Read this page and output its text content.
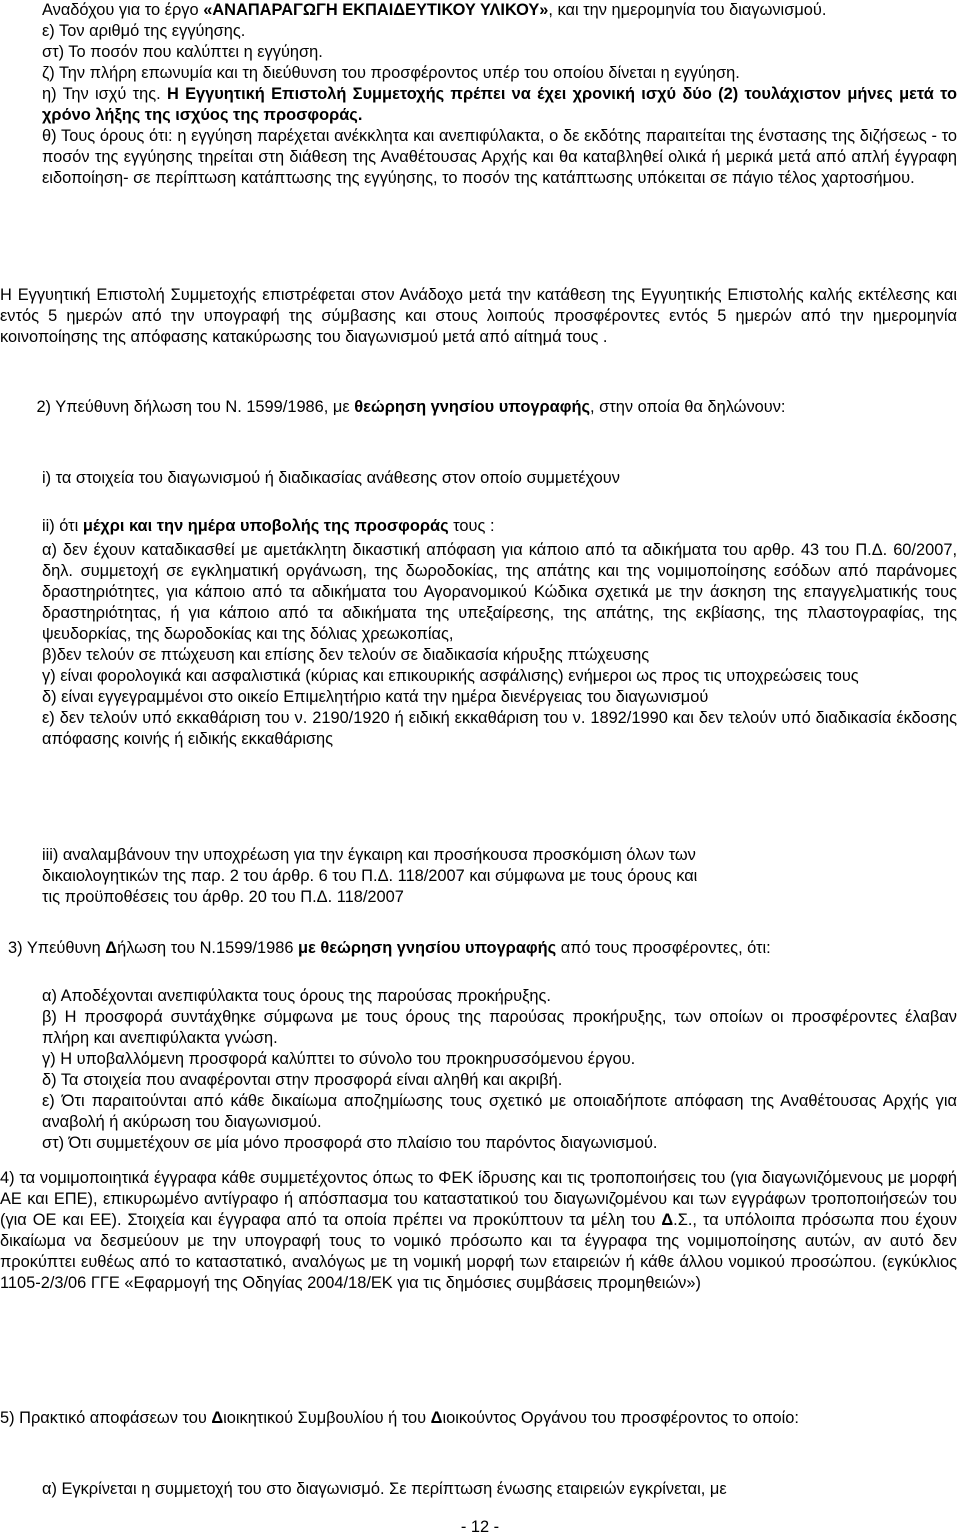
Αναδόχου για το έργο «ΑΝΑΠΑΡΑΓΩΓΗ ΕΚΠΑΙΔΕΥΤΙΚΟΥ ΥΛΙΚΟΥ», και την ημερομηνία του διαγωνισμού.

ε) Τον αριθμό της εγγύησης.

στ) Το ποσόν που καλύπτει η εγγύηση.

ζ) Την πλήρη επωνυμία και τη διεύθυνση του προσφέροντος υπέρ του οποίου δίνεται η εγγύηση.

η) Την ισχύ της. Η Εγγυητική Επιστολή Συμμετοχής πρέπει να έχει χρονική ισχύ δύο (2) τουλάχιστον μήνες μετά το χρόνο λήξης της ισχύος της προσφοράς.

θ) Τους όρους ότι: η εγγύηση παρέχεται ανέκκλητα και ανεπιφύλακτα, ο δε εκδότης παραιτείται της ένστασης της διζήσεως - το ποσόν της εγγύησης τηρείται στη διάθεση της Αναθέτουσας Αρχής και θα καταβληθεί ολικά ή μερικά μετά από απλή έγγραφη ειδοποίηση- σε περίπτωση κατάπτωσης της εγγύησης, το ποσόν της κατάπτωσης υπόκειται σε πάγιο τέλος χαρτοσήμου.

Η Εγγυητική Επιστολή Συμμετοχής επιστρέφεται στον Ανάδοχο μετά την κατάθεση της Εγγυητικής Επιστολής καλής εκτέλεσης και εντός 5 ημερών από την υπογραφή της σύμβασης και στους λοιπούς προσφέροντες εντός 5 ημερών από την ημερομηνία κοινοποίησης της απόφασης κατακύρωσης του διαγωνισμού μετά από αίτημά τους .

2) Υπεύθυνη δήλωση του Ν. 1599/1986, με θεώρηση γνησίου υπογραφής, στην οποία θα δηλώνουν:

i) τα στοιχεία του διαγωνισμού ή διαδικασίας ανάθεσης στον οποίο συμμετέχουν

ii) ότι μέχρι και την ημέρα υποβολής της προσφοράς τους :

α) δεν έχουν καταδικασθεί με αμετάκλητη δικαστική απόφαση για κάποιο από τα αδικήματα του αρθρ. 43 του Π.Δ. 60/2007, δηλ. συμμετοχή σε εγκληματική οργάνωση, της δωροδοκίας, της απάτης και της νομιμοποίησης εσόδων από παράνομες δραστηριότητες, για κάποιο από τα αδικήματα του Αγορανομικού Κώδικα σχετικά με την άσκηση της επαγγελματικής τους δραστηριότητας, ή για κάποιο από τα αδικήματα της υπεξαίρεσης, της απάτης, της εκβίασης, της πλαστογραφίας, της ψευδορκίας, της δωροδοκίας και της δόλιας χρεωκοπίας,

β)δεν τελούν σε πτώχευση και επίσης δεν τελούν σε διαδικασία κήρυξης πτώχευσης

γ) είναι φορολογικά και ασφαλιστικά (κύριας και επικουρικής ασφάλισης) ενήμεροι ως προς τις υποχρεώσεις τους

δ) είναι εγγεγραμμένοι στο οικείο Επιμελητήριο κατά την ημέρα διενέργειας του διαγωνισμού

ε) δεν τελούν υπό εκκαθάριση του ν. 2190/1920 ή ειδική εκκαθάριση του ν. 1892/1990 και δεν τελούν υπό διαδικασία έκδοσης απόφασης κοινής ή ειδικής εκκαθάρισης

iii) αναλαμβάνουν την υποχρέωση για την έγκαιρη και προσήκουσα προσκόμιση όλων των

δικαιολογητικών της παρ. 2 του άρθρ. 6 του Π.Δ. 118/2007 και σύμφωνα με τους όρους και

τις προϋποθέσεις του άρθρ. 20 του Π.Δ. 118/2007

3) Υπεύθυνη Δήλωση του Ν.1599/1986 με θεώρηση γνησίου υπογραφής από τους προσφέροντες, ότι:

α) Αποδέχονται ανεπιφύλακτα τους όρους της παρούσας προκήρυξης.

β) Η προσφορά συντάχθηκε σύμφωνα με τους όρους της παρούσας προκήρυξης, των οποίων οι προσφέροντες έλαβαν πλήρη και ανεπιφύλακτα γνώση.

γ) Η υποβαλλόμενη προσφορά καλύπτει το σύνολο του προκηρυσσόμενου έργου.

δ) Τα στοιχεία που αναφέρονται στην προσφορά είναι αληθή και ακριβή.

ε) Ότι παραιτούνται από κάθε δικαίωμα αποζημίωσης τους σχετικό με οποιαδήποτε απόφαση της Αναθέτουσας Αρχής για αναβολή ή ακύρωση του διαγωνισμού.

στ) Ότι συμμετέχουν σε μία μόνο προσφορά στο πλαίσιο του παρόντος διαγωνισμού.

4) τα νομιμοποιητικά έγγραφα κάθε συμμετέχοντος όπως το ΦΕΚ ίδρυσης και τις τροποποιήσεις του (για διαγωνιζόμενους με μορφή ΑΕ και ΕΠΕ), επικυρωμένο αντίγραφο ή απόσπασμα του καταστατικού του διαγωνιζομένου και των εγγράφων τροποποιήσεών του (για ΟΕ και ΕΕ). Στοιχεία και έγγραφα από τα οποία πρέπει να προκύπτουν τα μέλη του Δ.Σ., τα υπόλοιπα πρόσωπα που έχουν δικαίωμα να δεσμεύουν με την υπογραφή τους το νομικό πρόσωπο και τα έγγραφα της νομιμοποίησης αυτών, αν αυτό δεν προκύπτει ευθέως από το καταστατικό, αναλόγως με τη νομική μορφή των εταιρειών ή κάθε άλλου νομικού προσώπου. (εγκύκλιος 1105-2/3/06 ΓΓΕ «Εφαρμογή της Οδηγίας 2004/18/ΕΚ για τις δημόσιες συμβάσεις προμηθειών»)

5) Πρακτικό αποφάσεων του Διοικητικού Συμβουλίου ή του Διοικούντος Οργάνου του προσφέροντος το οποίο:

α) Εγκρίνεται η συμμετοχή του στο διαγωνισμό. Σε περίπτωση ένωσης εταιρειών εγκρίνεται, με

- 12 -
